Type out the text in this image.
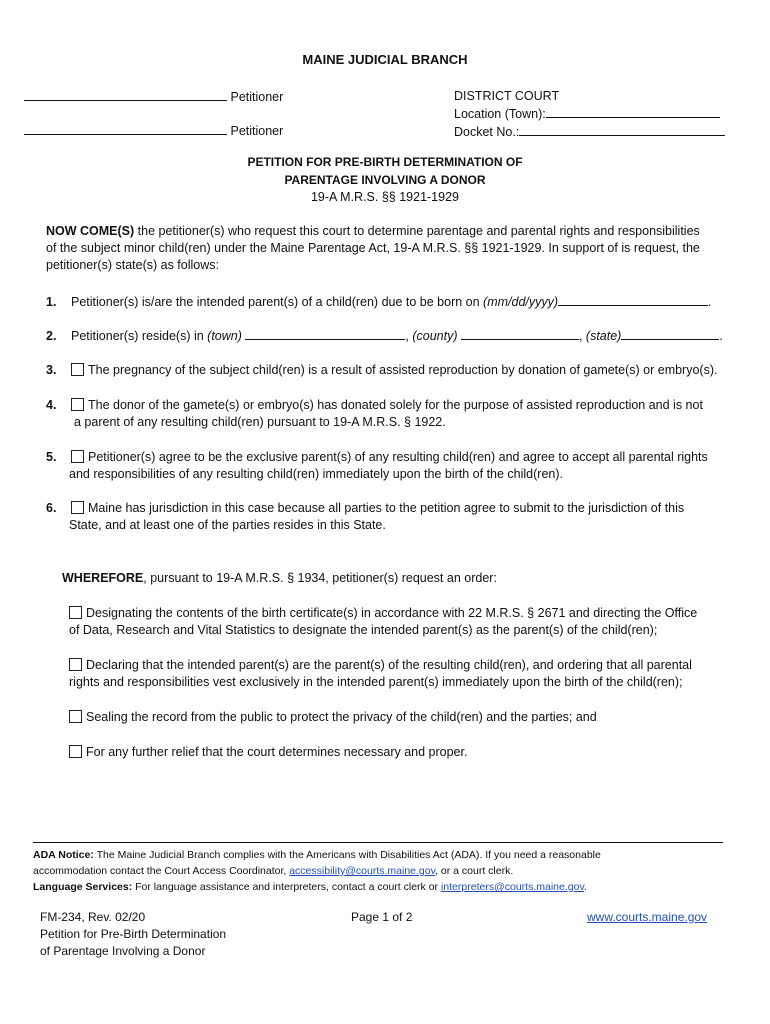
MAINE JUDICIAL BRANCH
Petitioner
Petitioner
DISTRICT COURT
Location (Town):
Docket No.:
PETITION FOR PRE-BIRTH DETERMINATION OF
PARENTAGE INVOLVING A DONOR
19-A M.R.S. §§ 1921-1929
NOW COME(S) the petitioner(s) who request this court to determine parentage and parental rights and responsibilities
of the subject minor child(ren) under the Maine Parentage Act, 19-A M.R.S. §§ 1921-1929. In support of is request, the
petitioner(s) state(s) as follows:
1. Petitioner(s) is/are the intended parent(s) of a child(ren) due to be born on (mm/dd/yyyy)	.
2. Petitioner(s) reside(s) in (town)	, (county)	, (state)	.
3.	The pregnancy of the subject child(ren) is a result of assisted reproduction by donation of gamete(s) or embryo(s).
4.	The donor of the gamete(s) or embryo(s) has donated solely for the purpose of assisted reproduction and is not
a parent of any resulting child(ren) pursuant to 19-A M.R.S. § 1922.
5.	Petitioner(s) agree to be the exclusive parent(s) of any resulting child(ren) and agree to accept all parental rights
and responsibilities of any resulting child(ren) immediately upon the birth of the child(ren).
6.	Maine has jurisdiction in this case because all parties to the petition agree to submit to the jurisdiction of this
State, and at least one of the parties resides in this State.
WHEREFORE, pursuant to 19-A M.R.S. § 1934, petitioner(s) request an order:
Designating the contents of the birth certificate(s) in accordance with 22 M.R.S. § 2671 and directing the Office
of Data, Research and Vital Statistics to designate the intended parent(s) as the parent(s) of the child(ren);
Declaring that the intended parent(s) are the parent(s) of the resulting child(ren), and ordering that all parental
rights and responsibilities vest exclusively in the intended parent(s) immediately upon the birth of the child(ren);
Sealing the record from the public to protect the privacy of the child(ren) and the parties; and
For any further relief that the court determines necessary and proper.
ADA Notice: The Maine Judicial Branch complies with the Americans with Disabilities Act (ADA). If you need a reasonable
accommodation contact the Court Access Coordinator, accessibility@courts.maine.gov, or a court clerk.
Language Services: For language assistance and interpreters, contact a court clerk or interpreters@courts.maine.gov.
FM-234, Rev. 02/20
Petition for Pre-Birth Determination
of Parentage Involving a Donor
Page 1 of 2	www.courts.maine.gov
